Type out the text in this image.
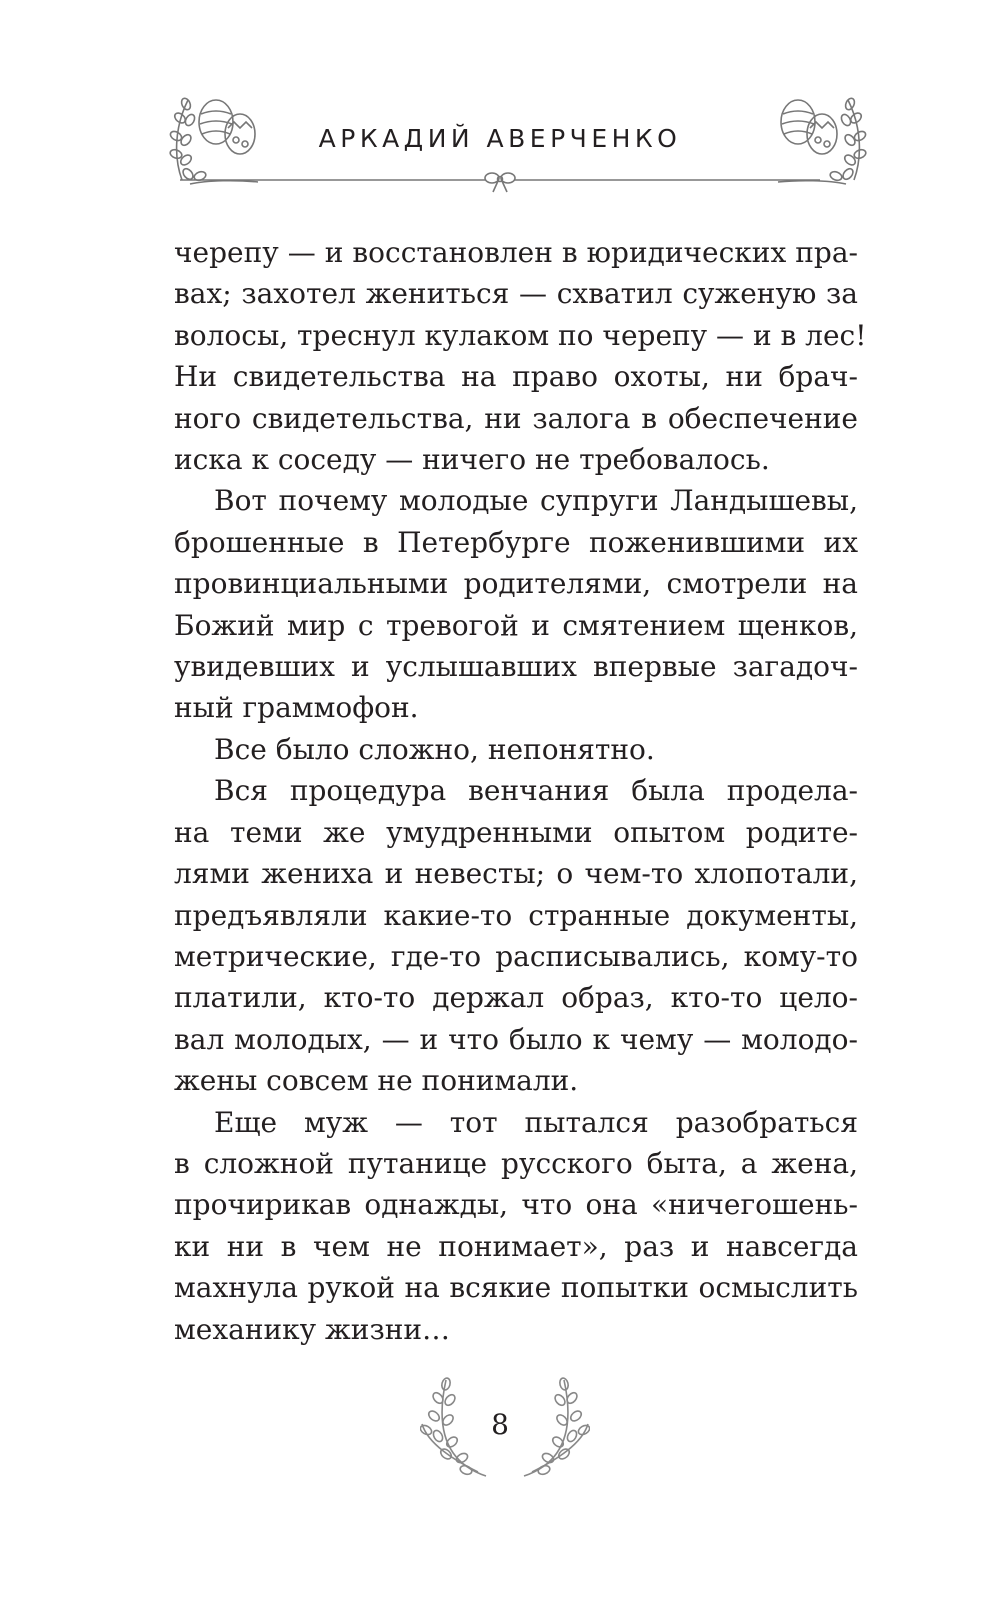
АРКАДИЙ АВЕРЧЕНКО
черепу — и восстановлен в юридических пра-
вах; захотел жениться — схватил суженую за
волосы, треснул кулаком по черепу — и в лес!
Ни свидетельства на право охоты, ни брач-
ного свидетельства, ни залога в обеспечение
иска к соседу — ничего не требовалось.
Вот почему молодые супруги Ландышевы,
брошенные в Петербурге поженившими их
провинциальными родителями, смотрели на
Божий мир с тревогой и смятением щенков,
увидевших и услышавших впервые загадоч-
ный граммофон.
Все было сложно, непонятно.
Вся процедура венчания была продела-
на теми же умудренными опытом родите-
лями жениха и невесты; о чем-то хлопотали,
предъявляли какие-то странные документы,
метрические, где-то расписывались, кому-то
платили, кто-то держал образ, кто-то цело-
вал молодых, — и что было к чему — молодо-
жены совсем не понимали.
Еще муж — тот пытался разобраться
в сложной путанице русского быта, а жена,
прочирикав однажды, что она «ничегошень-
ки ни в чем не понимает», раз и навсегда
махнула рукой на всякие попытки осмыслить
механику жизни…
8
